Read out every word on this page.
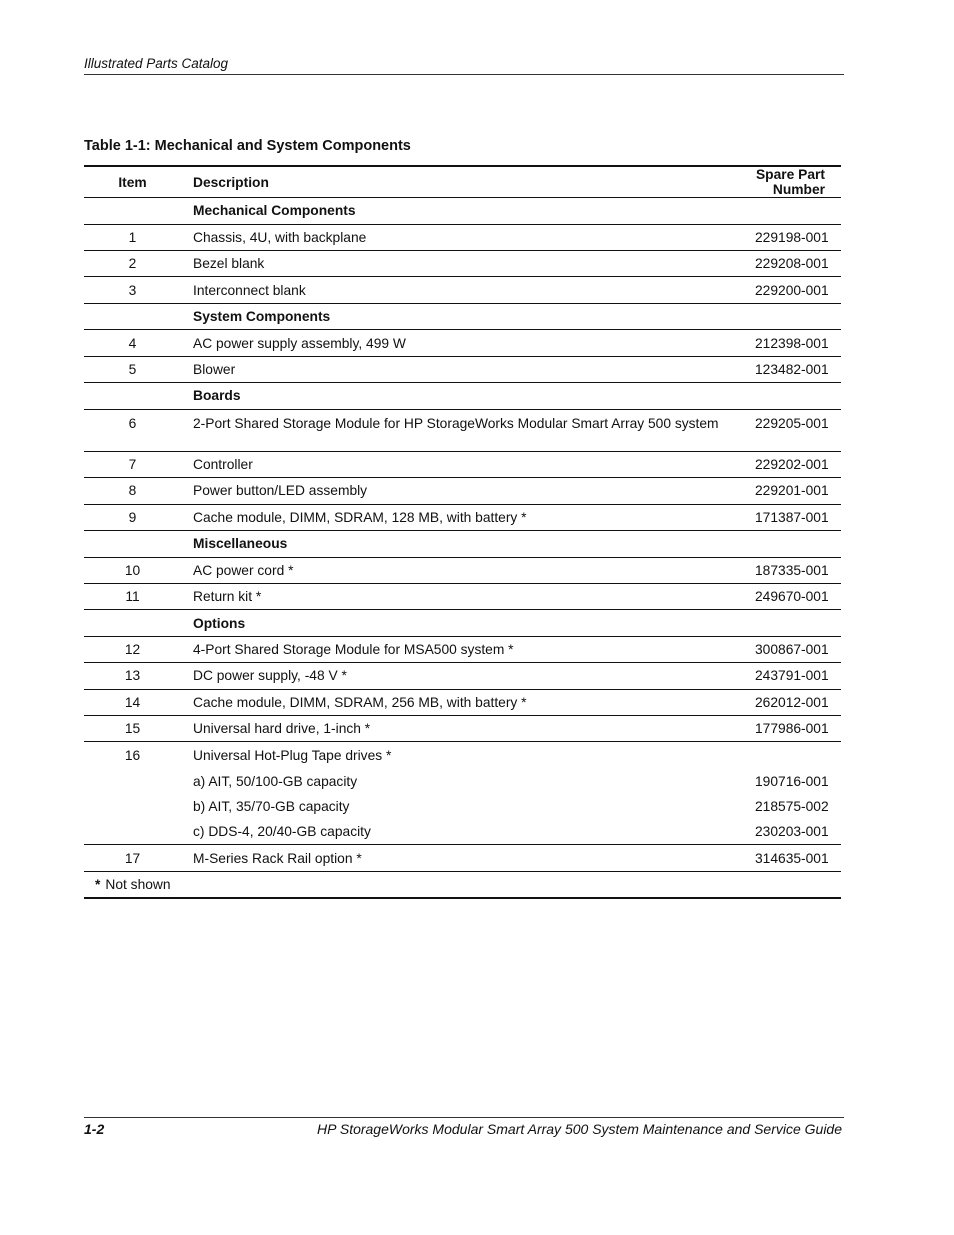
Illustrated Parts Catalog
Table 1-1: Mechanical and System Components
Item	Description	Spare Part Number
	Mechanical Components	
1	Chassis, 4U, with backplane	229198-001
2	Bezel blank	229208-001
3	Interconnect blank	229200-001
	System Components	
4	AC power supply assembly, 499 W	212398-001
5	Blower	123482-001
	Boards	
6	2-Port Shared Storage Module for HP StorageWorks Modular Smart Array 500 system	229205-001
7	Controller	229202-001
8	Power button/LED assembly	229201-001
9	Cache module, DIMM, SDRAM, 128 MB, with battery *	171387-001
	Miscellaneous	
10	AC power cord *	187335-001
11	Return kit *	249670-001
	Options	
12	4-Port Shared Storage Module for MSA500 system *	300867-001
13	DC power supply, -48 V *	243791-001
14	Cache module, DIMM, SDRAM, 256 MB, with battery *	262012-001
15	Universal hard drive, 1-inch *	177986-001
16	Universal Hot-Plug Tape drives *	
	a) AIT, 50/100-GB capacity	190716-001
	b) AIT, 35/70-GB capacity	218575-002
	c) DDS-4, 20/40-GB capacity	230203-001
17	M-Series Rack Rail option *	314635-001
* Not shown		
1-2	HP StorageWorks Modular Smart Array 500 System Maintenance and Service Guide
